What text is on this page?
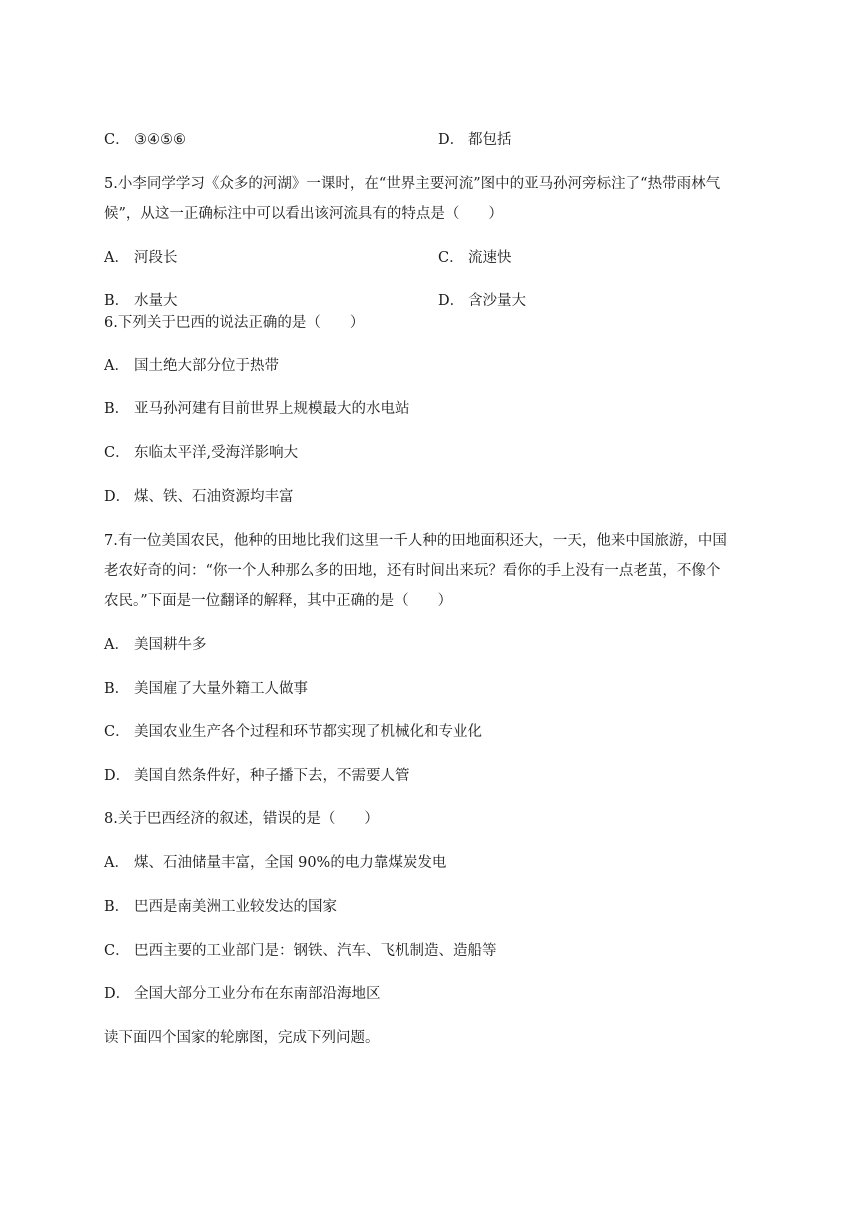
C． ③④⑤⑥	D． 都包括
5.小李同学学习《众多的河湖》一课时，在“世界主要河流”图中的亚马孙河旁标注了“热带雨林气
候”，从这一正确标注中可以看出该河流具有的特点是（　　）
A． 河段长	C． 流速快
B． 水量大	D． 含沙量大
6.下列关于巴西的说法正确的是（　　）
A． 国土绝大部分位于热带
B． 亚马孙河建有目前世界上规模最大的水电站
C． 东临太平洋,受海洋影响大
D． 煤、铁、石油资源均丰富
7.有一位美国农民，他种的田地比我们这里一千人种的田地面积还大，一天，他来中国旅游，中国
老农好奇的问：“你一个人种那么多的田地，还有时间出来玩？看你的手上没有一点老茧，不像个
农民。”下面是一位翻译的解释，其中正确的是（　　）
A． 美国耕牛多
B． 美国雇了大量外籍工人做事
C． 美国农业生产各个过程和环节都实现了机械化和专业化
D． 美国自然条件好，种子播下去，不需要人管
8.关于巴西经济的叙述，错误的是（　　）
A． 煤、石油储量丰富，全国 90%的电力靠煤炭发电
B． 巴西是南美洲工业较发达的国家
C． 巴西主要的工业部门是：钢铁、汽车、飞机制造、造船等
D． 全国大部分工业分布在东南部沿海地区
读下面四个国家的轮廓图，完成下列问题。
